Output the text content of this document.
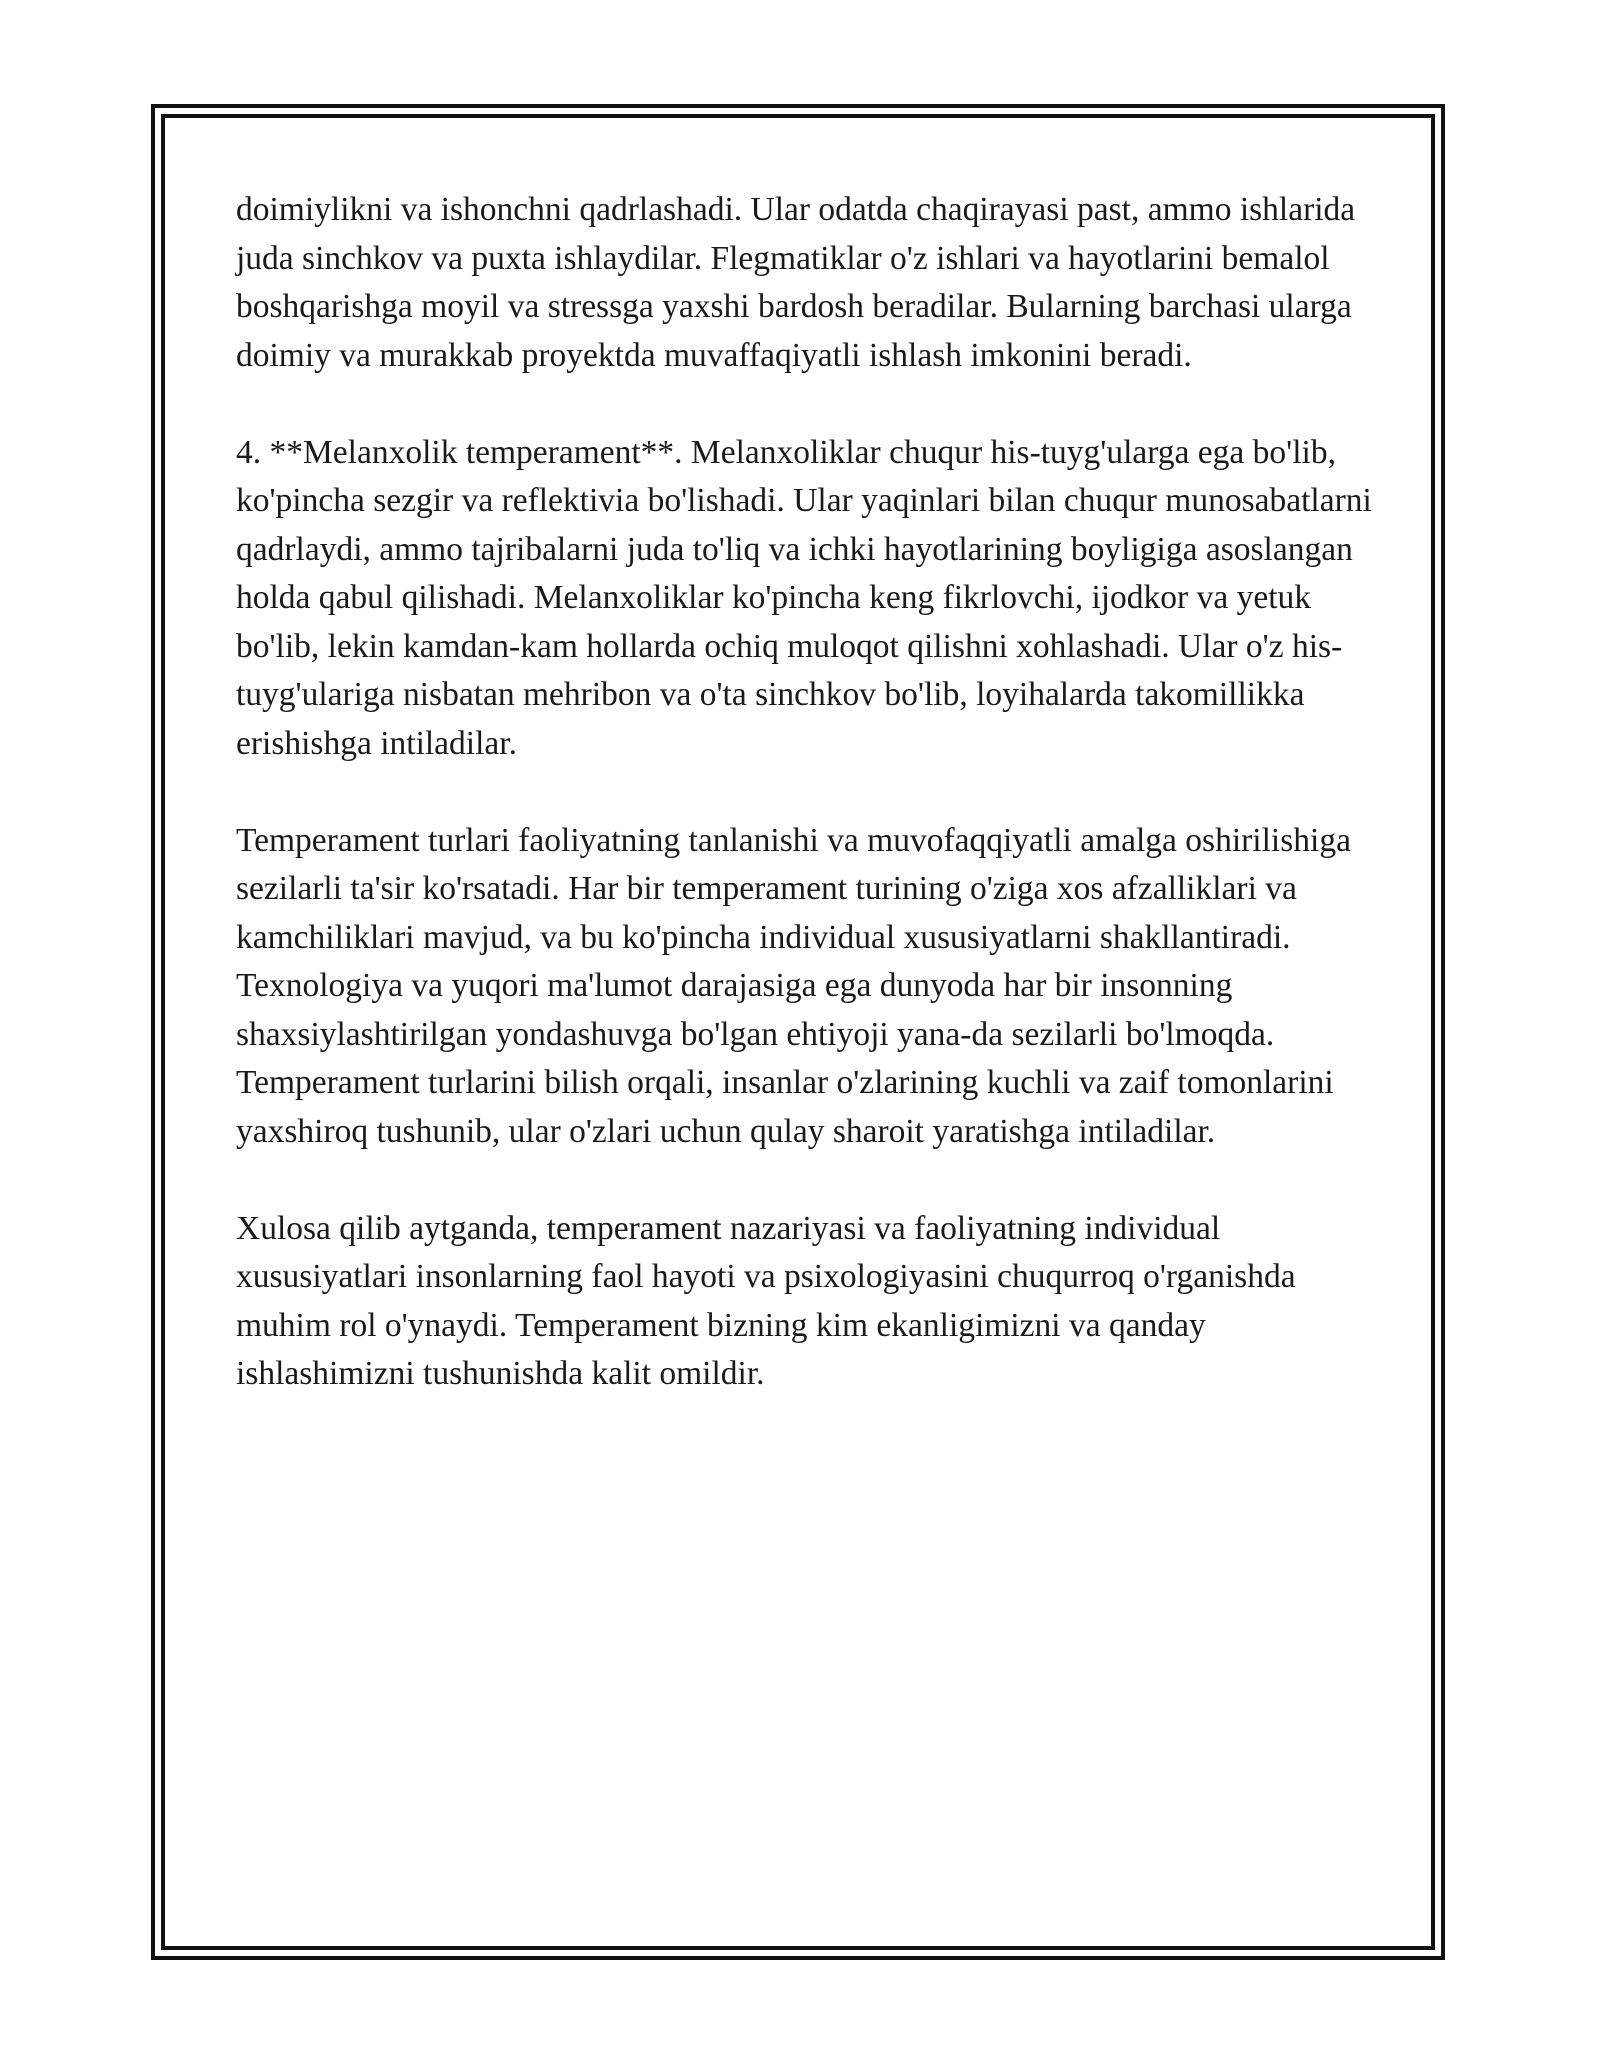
doimiylikni va ishonchni qadrlashadi. Ular odatda chaqirayasi past, ammo ishlarida juda sinchkov va puxta ishlaydilar. Flegmatiklar o'z ishlari va hayotlarini bemalol boshqarishga moyil va stressga yaxshi bardosh beradilar. Bularning barchasi ularga doimiy va murakkab proyektda muvaffaqiyatli ishlash imkonini beradi.

4. **Melanxolik temperament**. Melanxoliklar chuqur his-tuyg'ularga ega bo'lib, ko'pincha sezgir va reflektivia bo'lishadi. Ular yaqinlari bilan chuqur munosabatlarni qadrlaydi, ammo tajribalarni juda to'liq va ichki hayotlarining boyligiga asoslangan holda qabul qilishadi. Melanxoliklar ko'pincha keng fikrlovchi, ijodkor va yetuk bo'lib, lekin kamdan-kam hollarda ochiq muloqot qilishni xohlashadi. Ular o'z his-tuyg'ulariga nisbatan mehribon va o'ta sinchkov bo'lib, loyihalarda takomillikka erishishga intiladilar.

Temperament turlari faoliyatning tanlanishi va muvofaqqiyatli amalga oshirilishiga sezilarli ta'sir ko'rsatadi. Har bir temperament turining o'ziga xos afzalliklari va kamchiliklari mavjud, va bu ko'pincha individual xususiyatlarni shakllantiradi. Texnologiya va yuqori ma'lumot darajasiga ega dunyoda har bir insonning shaxsiylashtirilgan yondashuvga bo'lgan ehtiyoji yana-da sezilarli bo'lmoqda. Temperament turlarini bilish orqali, insanlar o'zlarining kuchli va zaif tomonlarini yaxshiroq tushunib, ular o'zlari uchun qulay sharoit yaratishga intiladilar.

Xulosa qilib aytganda, temperament nazariyasi va faoliyatning individual xususiyatlari insonlarning faol hayoti va psixologiyasini chuqurroq o'rganishda muhim rol o'ynaydi. Temperament bizning kim ekanligimizni va qanday ishlashimizni tushunishda kalit omildir.
